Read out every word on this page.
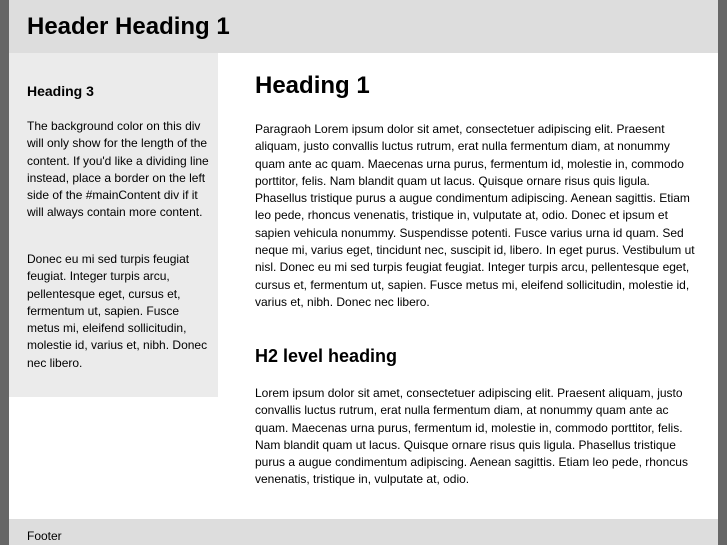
Header Heading 1
Heading 3

The background color on this div will only show for the length of the content. If you'd like a dividing line instead, place a border on the left side of the #mainContent div if it will always contain more content.

Donec eu mi sed turpis feugiat feugiat. Integer turpis arcu, pellentesque eget, cursus et, fermentum ut, sapien. Fusce metus mi, eleifend sollicitudin, molestie id, varius et, nibh. Donec nec libero.

Heading 1

Paragraoh Lorem ipsum dolor sit amet, consectetuer adipiscing elit. Praesent aliquam, justo convallis luctus rutrum, erat nulla fermentum diam, at nonummy quam ante ac quam. Maecenas urna purus, fermentum id, molestie in, commodo porttitor, felis. Nam blandit quam ut lacus. Quisque ornare risus quis ligula. Phasellus tristique purus a augue condimentum adipiscing. Aenean sagittis. Etiam leo pede, rhoncus venenatis, tristique in, vulputate at, odio. Donec et ipsum et sapien vehicula nonummy. Suspendisse potenti. Fusce varius urna id quam. Sed neque mi, varius eget, tincidunt nec, suscipit id, libero. In eget purus. Vestibulum ut nisl. Donec eu mi sed turpis feugiat feugiat. Integer turpis arcu, pellentesque eget, cursus et, fermentum ut, sapien. Fusce metus mi, eleifend sollicitudin, molestie id, varius et, nibh. Donec nec libero.

H2 level heading

Lorem ipsum dolor sit amet, consectetuer adipiscing elit. Praesent aliquam, justo convallis luctus rutrum, erat nulla fermentum diam, at nonummy quam ante ac quam. Maecenas urna purus, fermentum id, molestie in, commodo porttitor, felis. Nam blandit quam ut lacus. Quisque ornare risus quis ligula. Phasellus tristique purus a augue condimentum adipiscing. Aenean sagittis. Etiam leo pede, rhoncus venenatis, tristique in, vulputate at, odio.

Footer
